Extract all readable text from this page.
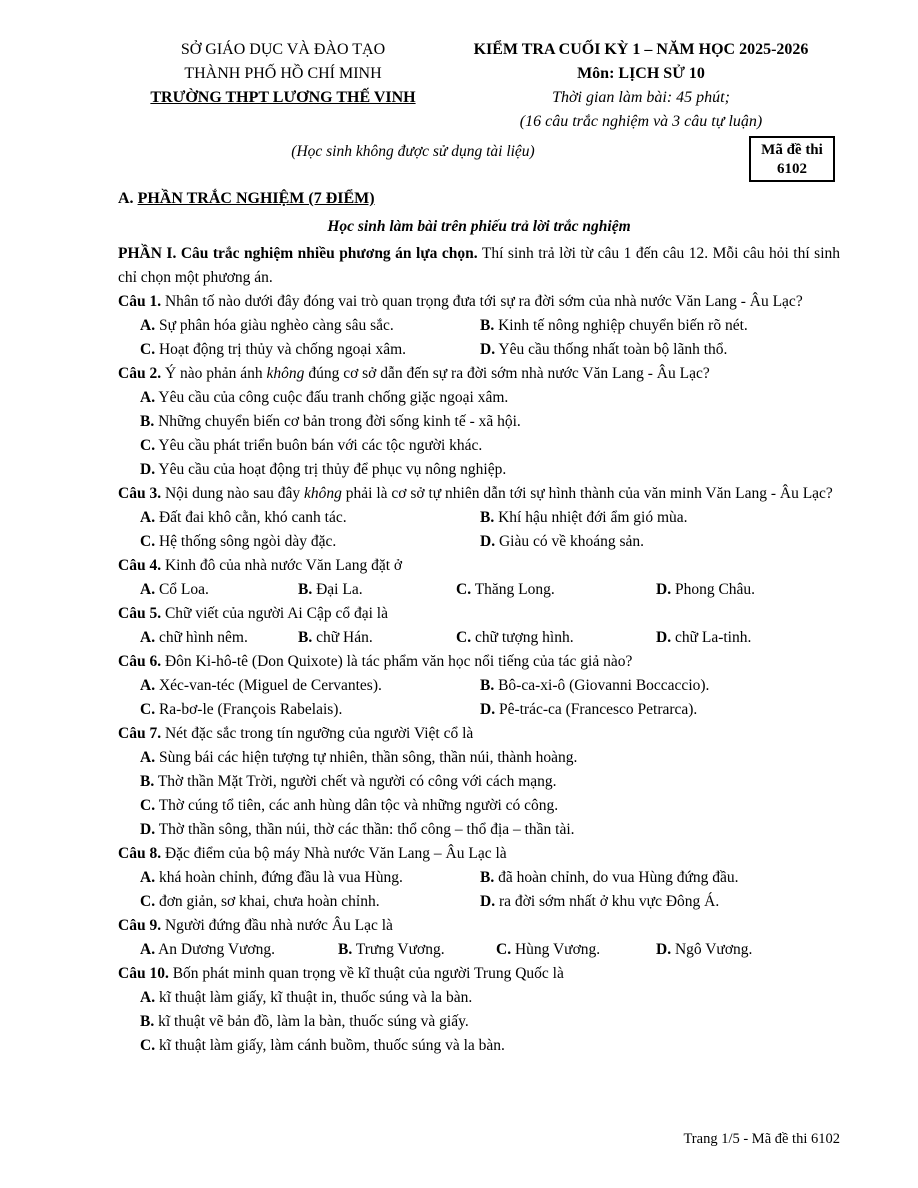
SỞ GIÁO DỤC VÀ ĐÀO TẠO
THÀNH PHỐ HỒ CHÍ MINH
TRƯỜNG THPT LƯƠNG THẾ VINH
KIỂM TRA CUỐI KỲ 1 – NĂM HỌC 2025-2026
Môn: LỊCH SỬ 10
Thời gian làm bài: 45 phút;
(16 câu trắc nghiệm và 3 câu tự luận)
(Học sinh không được sử dụng tài liệu)	Mã đề thi
6102
A. PHẦN TRẮC NGHIỆM (7 ĐIỂM)
Học sinh làm bài trên phiếu trả lời trắc nghiệm
PHẦN I. Câu trắc nghiệm nhiều phương án lựa chọn. Thí sinh trả lời từ câu 1 đến câu 12. Mỗi câu hỏi thí sinh chỉ chọn một phương án.
Câu 1. Nhân tố nào dưới đây đóng vai trò quan trọng đưa tới sự ra đời sớm của nhà nước Văn Lang - Âu Lạc?
A. Sự phân hóa giàu nghèo càng sâu sắc.	B. Kinh tế nông nghiệp chuyển biến rõ nét.
C. Hoạt động trị thủy và chống ngoại xâm.	D. Yêu cầu thống nhất toàn bộ lãnh thổ.
Câu 2. Ý nào phản ánh không đúng cơ sở dẫn đến sự ra đời sớm nhà nước Văn Lang - Âu Lạc?
A. Yêu cầu của công cuộc đấu tranh chống giặc ngoại xâm.
B. Những chuyển biến cơ bản trong đời sống kinh tế - xã hội.
C. Yêu cầu phát triển buôn bán với các tộc người khác.
D. Yêu cầu của hoạt động trị thủy để phục vụ nông nghiệp.
Câu 3. Nội dung nào sau đây không phải là cơ sở tự nhiên dẫn tới sự hình thành của văn minh Văn Lang - Âu Lạc?
A. Đất đai khô cằn, khó canh tác.	B. Khí hậu nhiệt đới ẩm gió mùa.
C. Hệ thống sông ngòi dày đặc.	D. Giàu có về khoáng sản.
Câu 4. Kinh đô của nhà nước Văn Lang đặt ở
A. Cổ Loa.	B. Đại La.	C. Thăng Long.	D. Phong Châu.
Câu 5. Chữ viết của người Ai Cập cổ đại là
A. chữ hình nêm.	B. chữ Hán.	C. chữ tượng hình.	D. chữ La-tinh.
Câu 6. Đôn Ki-hô-tê (Don Quixote) là tác phẩm văn học nổi tiếng của tác giả nào?
A. Xéc-van-téc (Miguel de Cervantes).	B. Bô-ca-xi-ô (Giovanni Boccaccio).
C. Ra-bơ-le (François Rabelais).	D. Pê-trác-ca (Francesco Petrarca).
Câu 7. Nét đặc sắc trong tín ngưỡng của người Việt cổ là
A. Sùng bái các hiện tượng tự nhiên, thần sông, thần núi, thành hoàng.
B. Thờ thần Mặt Trời, người chết và người có công với cách mạng.
C. Thờ cúng tổ tiên, các anh hùng dân tộc và những người có công.
D. Thờ thần sông, thần núi, thờ các thần: thổ công – thổ địa – thần tài.
Câu 8. Đặc điểm của bộ máy Nhà nước Văn Lang – Âu Lạc là
A. khá hoàn chỉnh, đứng đầu là vua Hùng.	B. đã hoàn chỉnh, do vua Hùng đứng đầu.
C. đơn giản, sơ khai, chưa hoàn chỉnh.	D. ra đời sớm nhất ở khu vực Đông Á.
Câu 9. Người đứng đầu nhà nước Âu Lạc là
A. An Dương Vương.	B. Trưng Vương.	C. Hùng Vương.	D. Ngô Vương.
Câu 10. Bốn phát minh quan trọng về kĩ thuật của người Trung Quốc là
A. kĩ thuật làm giấy, kĩ thuật in, thuốc súng và la bàn.
B. kĩ thuật vẽ bản đồ, làm la bàn, thuốc súng và giấy.
C. kĩ thuật làm giấy, làm cánh buồm, thuốc súng và la bàn.
Trang 1/5 - Mã đề thi 6102
